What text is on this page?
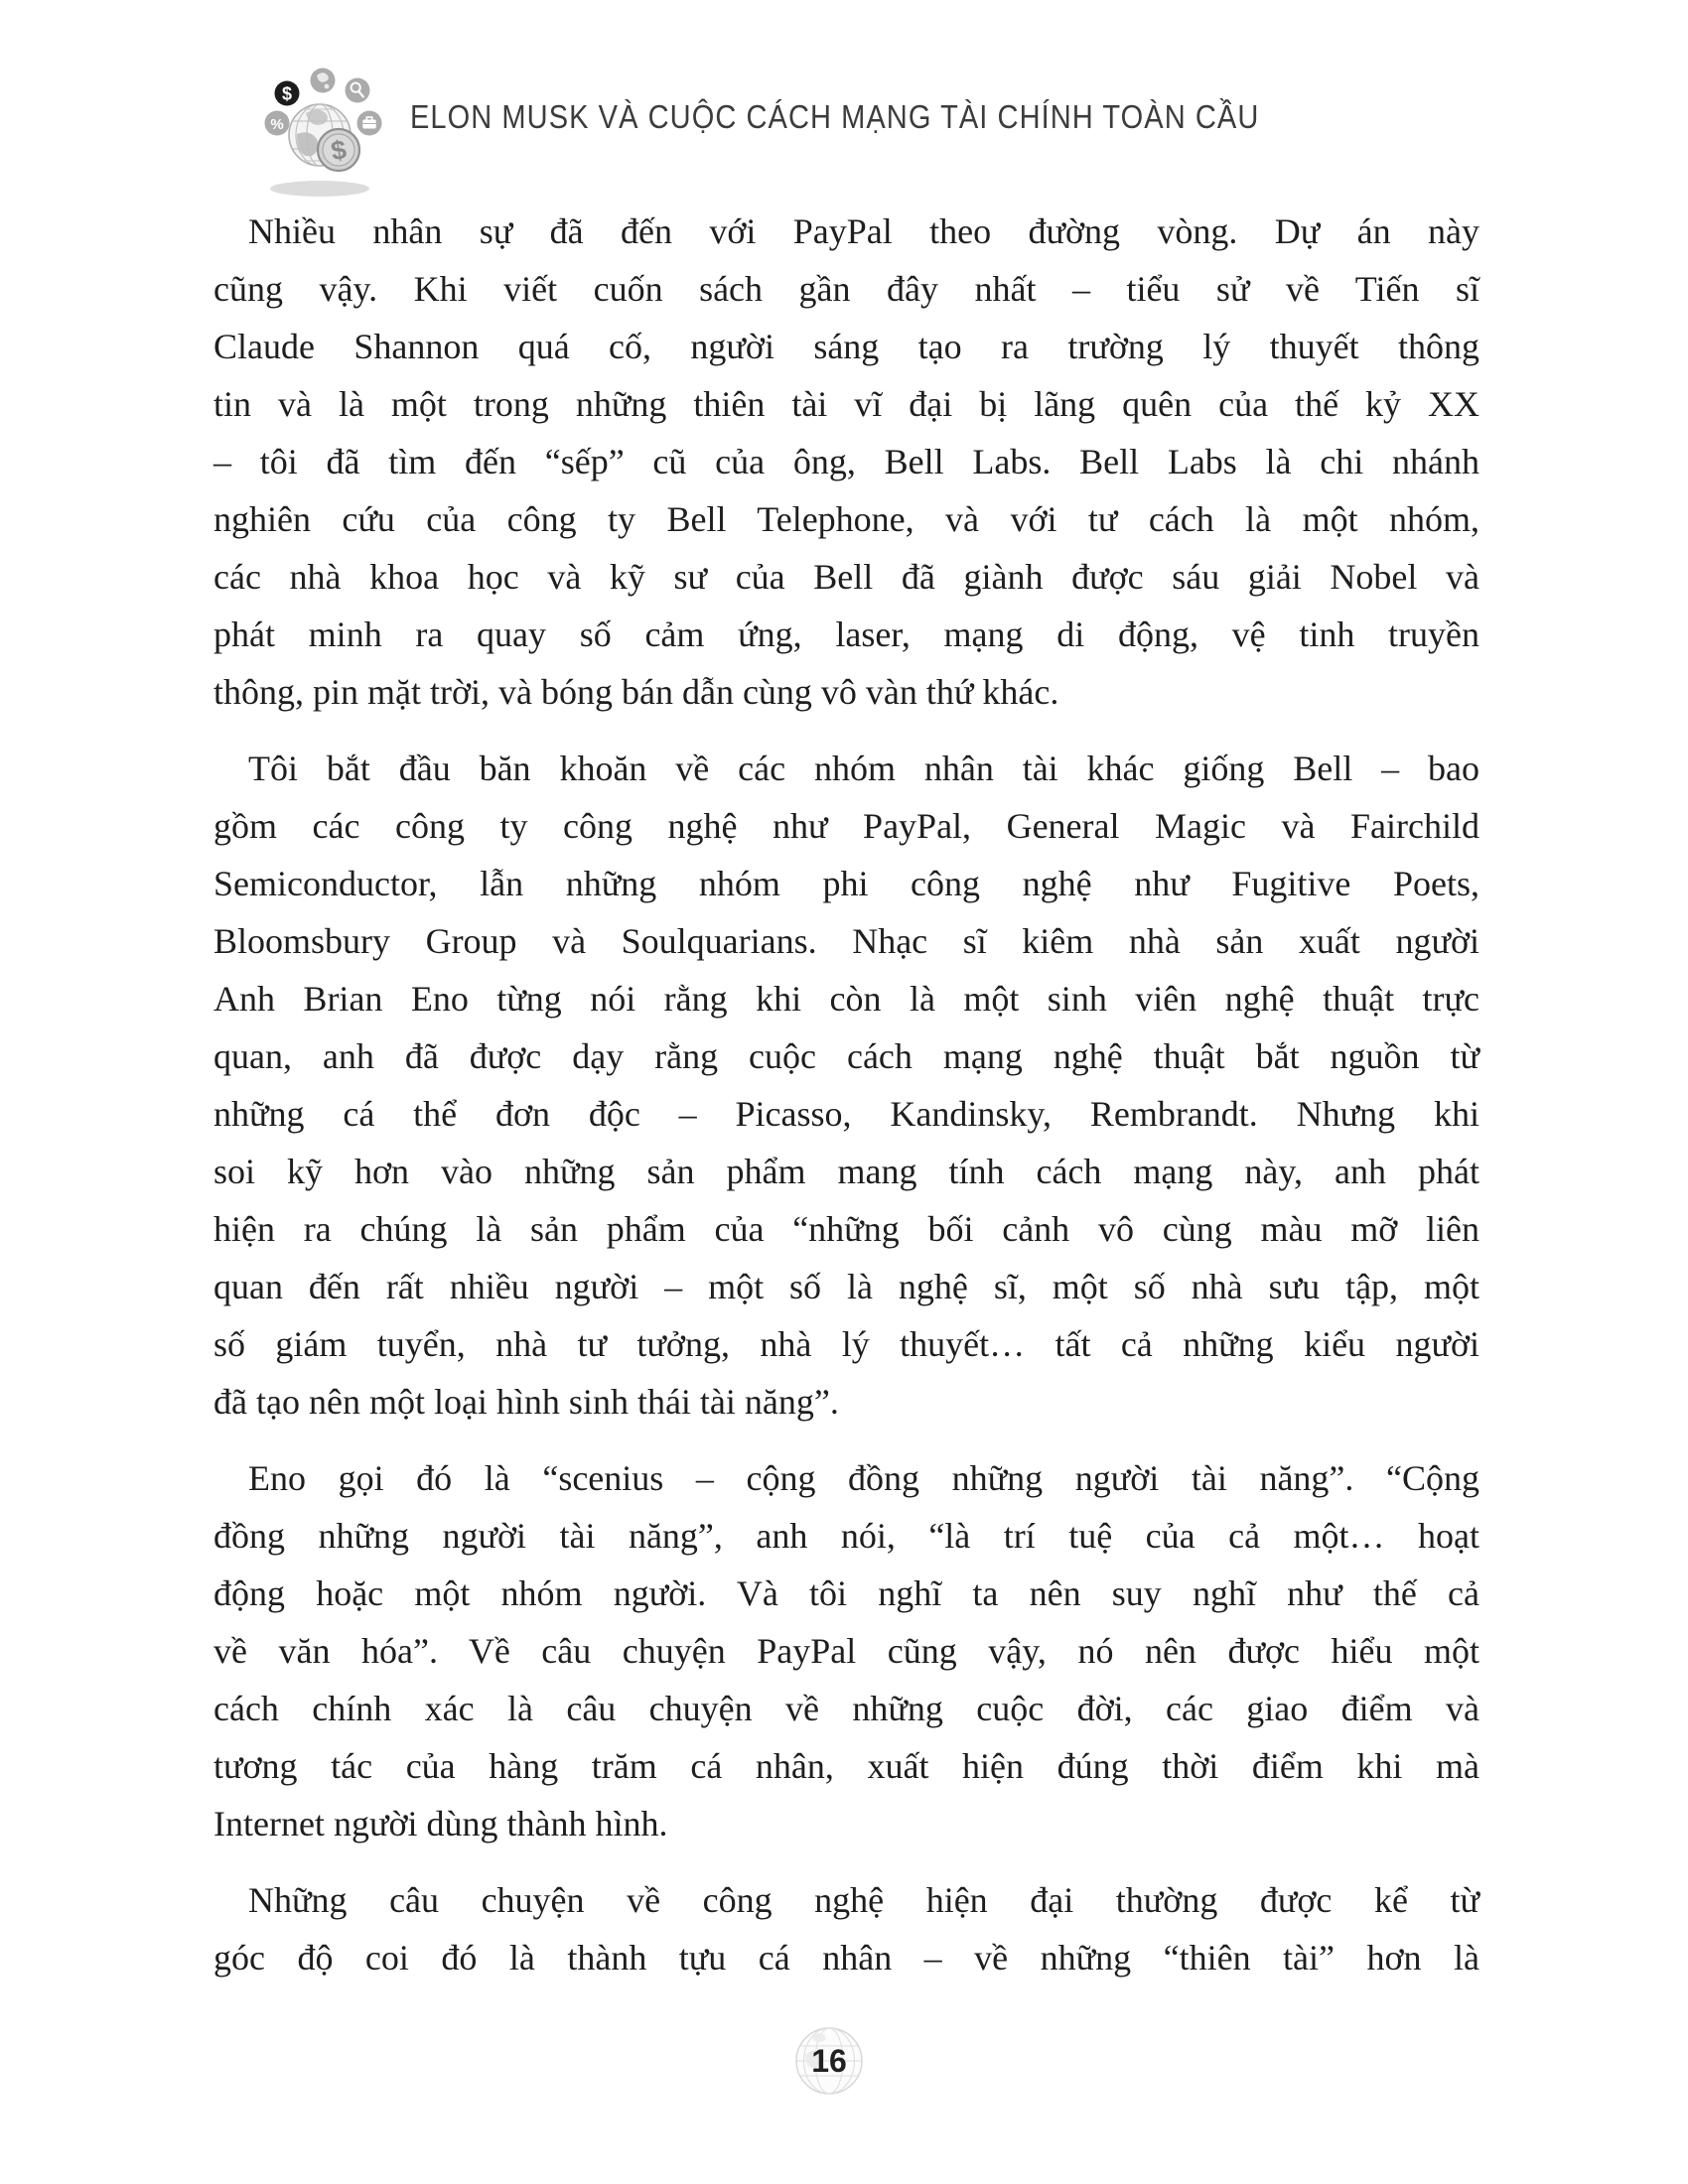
$
$
%	ELON MUSK VÀ CUỘC CÁCH MẠNG TÀI CHÍNH TOÀN CẦU
Nhiều nhân sự đã đến với PayPal theo đường vòng. Dự án này
cũng vậy. Khi viết cuốn sách gần đây nhất – tiểu sử về Tiến sĩ
Claude Shannon quá cố, người sáng tạo ra trường lý thuyết thông
tin và là một trong những thiên tài vĩ đại bị lãng quên của thế kỷ XX
– tôi đã tìm đến “sếp” cũ của ông, Bell Labs. Bell Labs là chi nhánh
nghiên cứu của công ty Bell Telephone, và với tư cách là một nhóm,
các nhà khoa học và kỹ sư của Bell đã giành được sáu giải Nobel và
phát minh ra quay số cảm ứng, laser, mạng di động, vệ tinh truyền
thông, pin mặt trời, và bóng bán dẫn cùng vô vàn thứ khác.
Tôi bắt đầu băn khoăn về các nhóm nhân tài khác giống Bell – bao
gồm các công ty công nghệ như PayPal, General Magic và Fairchild
Semiconductor, lẫn những nhóm phi công nghệ như Fugitive Poets,
Bloomsbury Group và Soulquarians. Nhạc sĩ kiêm nhà sản xuất người
Anh Brian Eno từng nói rằng khi còn là một sinh viên nghệ thuật trực
quan, anh đã được dạy rằng cuộc cách mạng nghệ thuật bắt nguồn từ
những cá thể đơn độc – Picasso, Kandinsky, Rembrandt. Nhưng khi
soi kỹ hơn vào những sản phẩm mang tính cách mạng này, anh phát
hiện ra chúng là sản phẩm của “những bối cảnh vô cùng màu mỡ liên
quan đến rất nhiều người – một số là nghệ sĩ, một số nhà sưu tập, một
số giám tuyển, nhà tư tưởng, nhà lý thuyết… tất cả những kiểu người
đã tạo nên một loại hình sinh thái tài năng”.
Eno gọi đó là “scenius – cộng đồng những người tài năng”. “Cộng
đồng những người tài năng”, anh nói, “là trí tuệ của cả một… hoạt
động hoặc một nhóm người. Và tôi nghĩ ta nên suy nghĩ như thế cả
về văn hóa”. Về câu chuyện PayPal cũng vậy, nó nên được hiểu một
cách chính xác là câu chuyện về những cuộc đời, các giao điểm và
tương tác của hàng trăm cá nhân, xuất hiện đúng thời điểm khi mà
Internet người dùng thành hình.
Những câu chuyện về công nghệ hiện đại thường được kể từ
góc độ coi đó là thành tựu cá nhân – về những “thiên tài” hơn là
16
